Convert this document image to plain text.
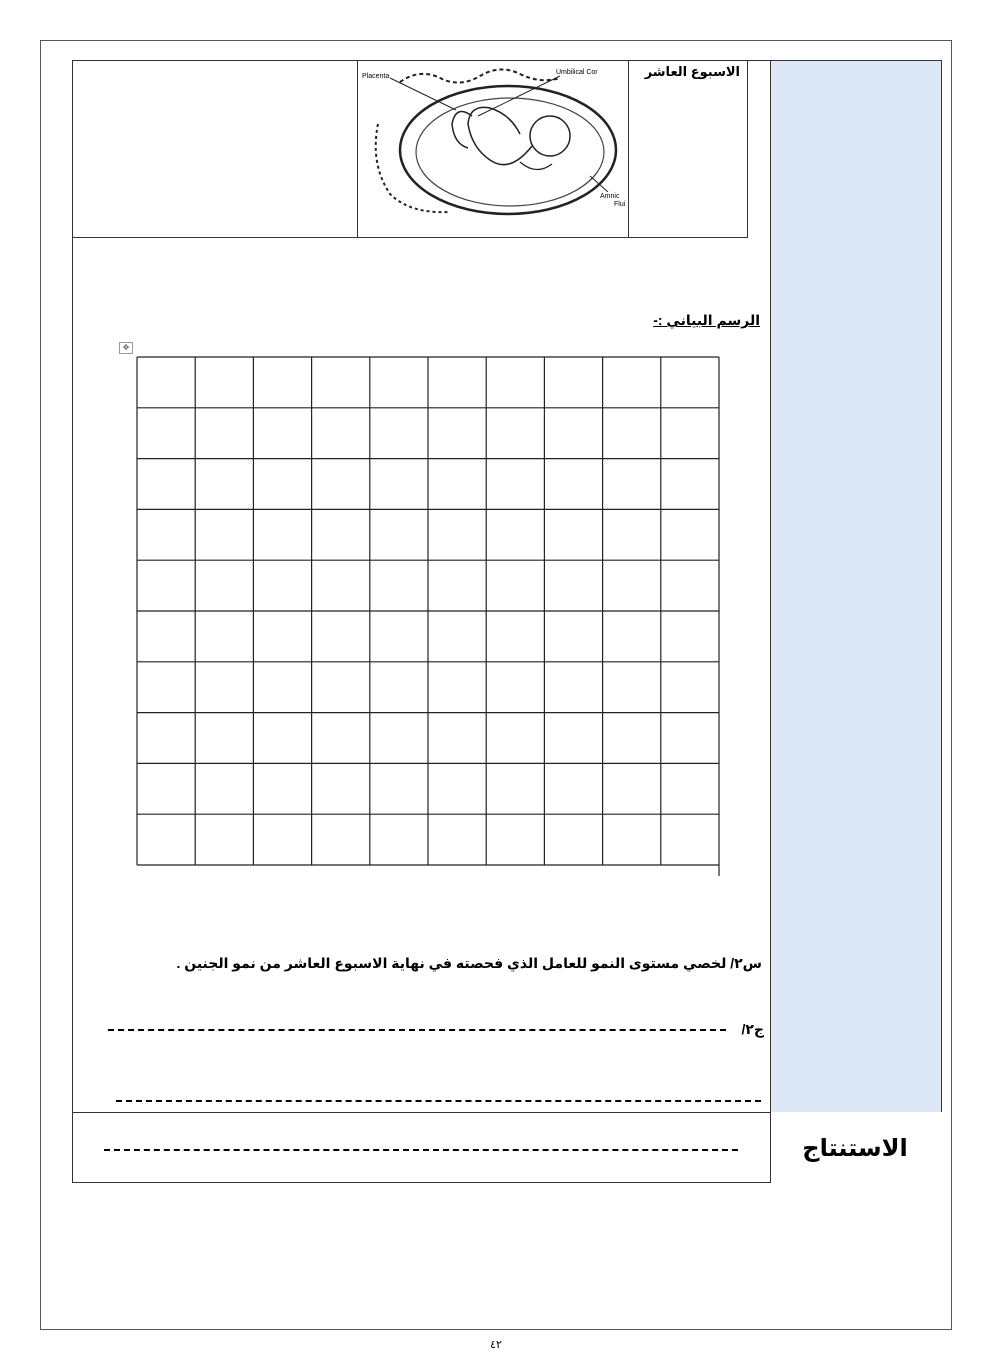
الاستنتاج
الاسبوع العاشر
Placenta
Umbilical Cor
Amnic
Flui
الرسم البياني :-
✥
س٢/ لخصي مستوى النمو للعامل الذي فحصته في نهاية الاسبوع العاشر من نمو الجنين .
ج٢/
٤٢
